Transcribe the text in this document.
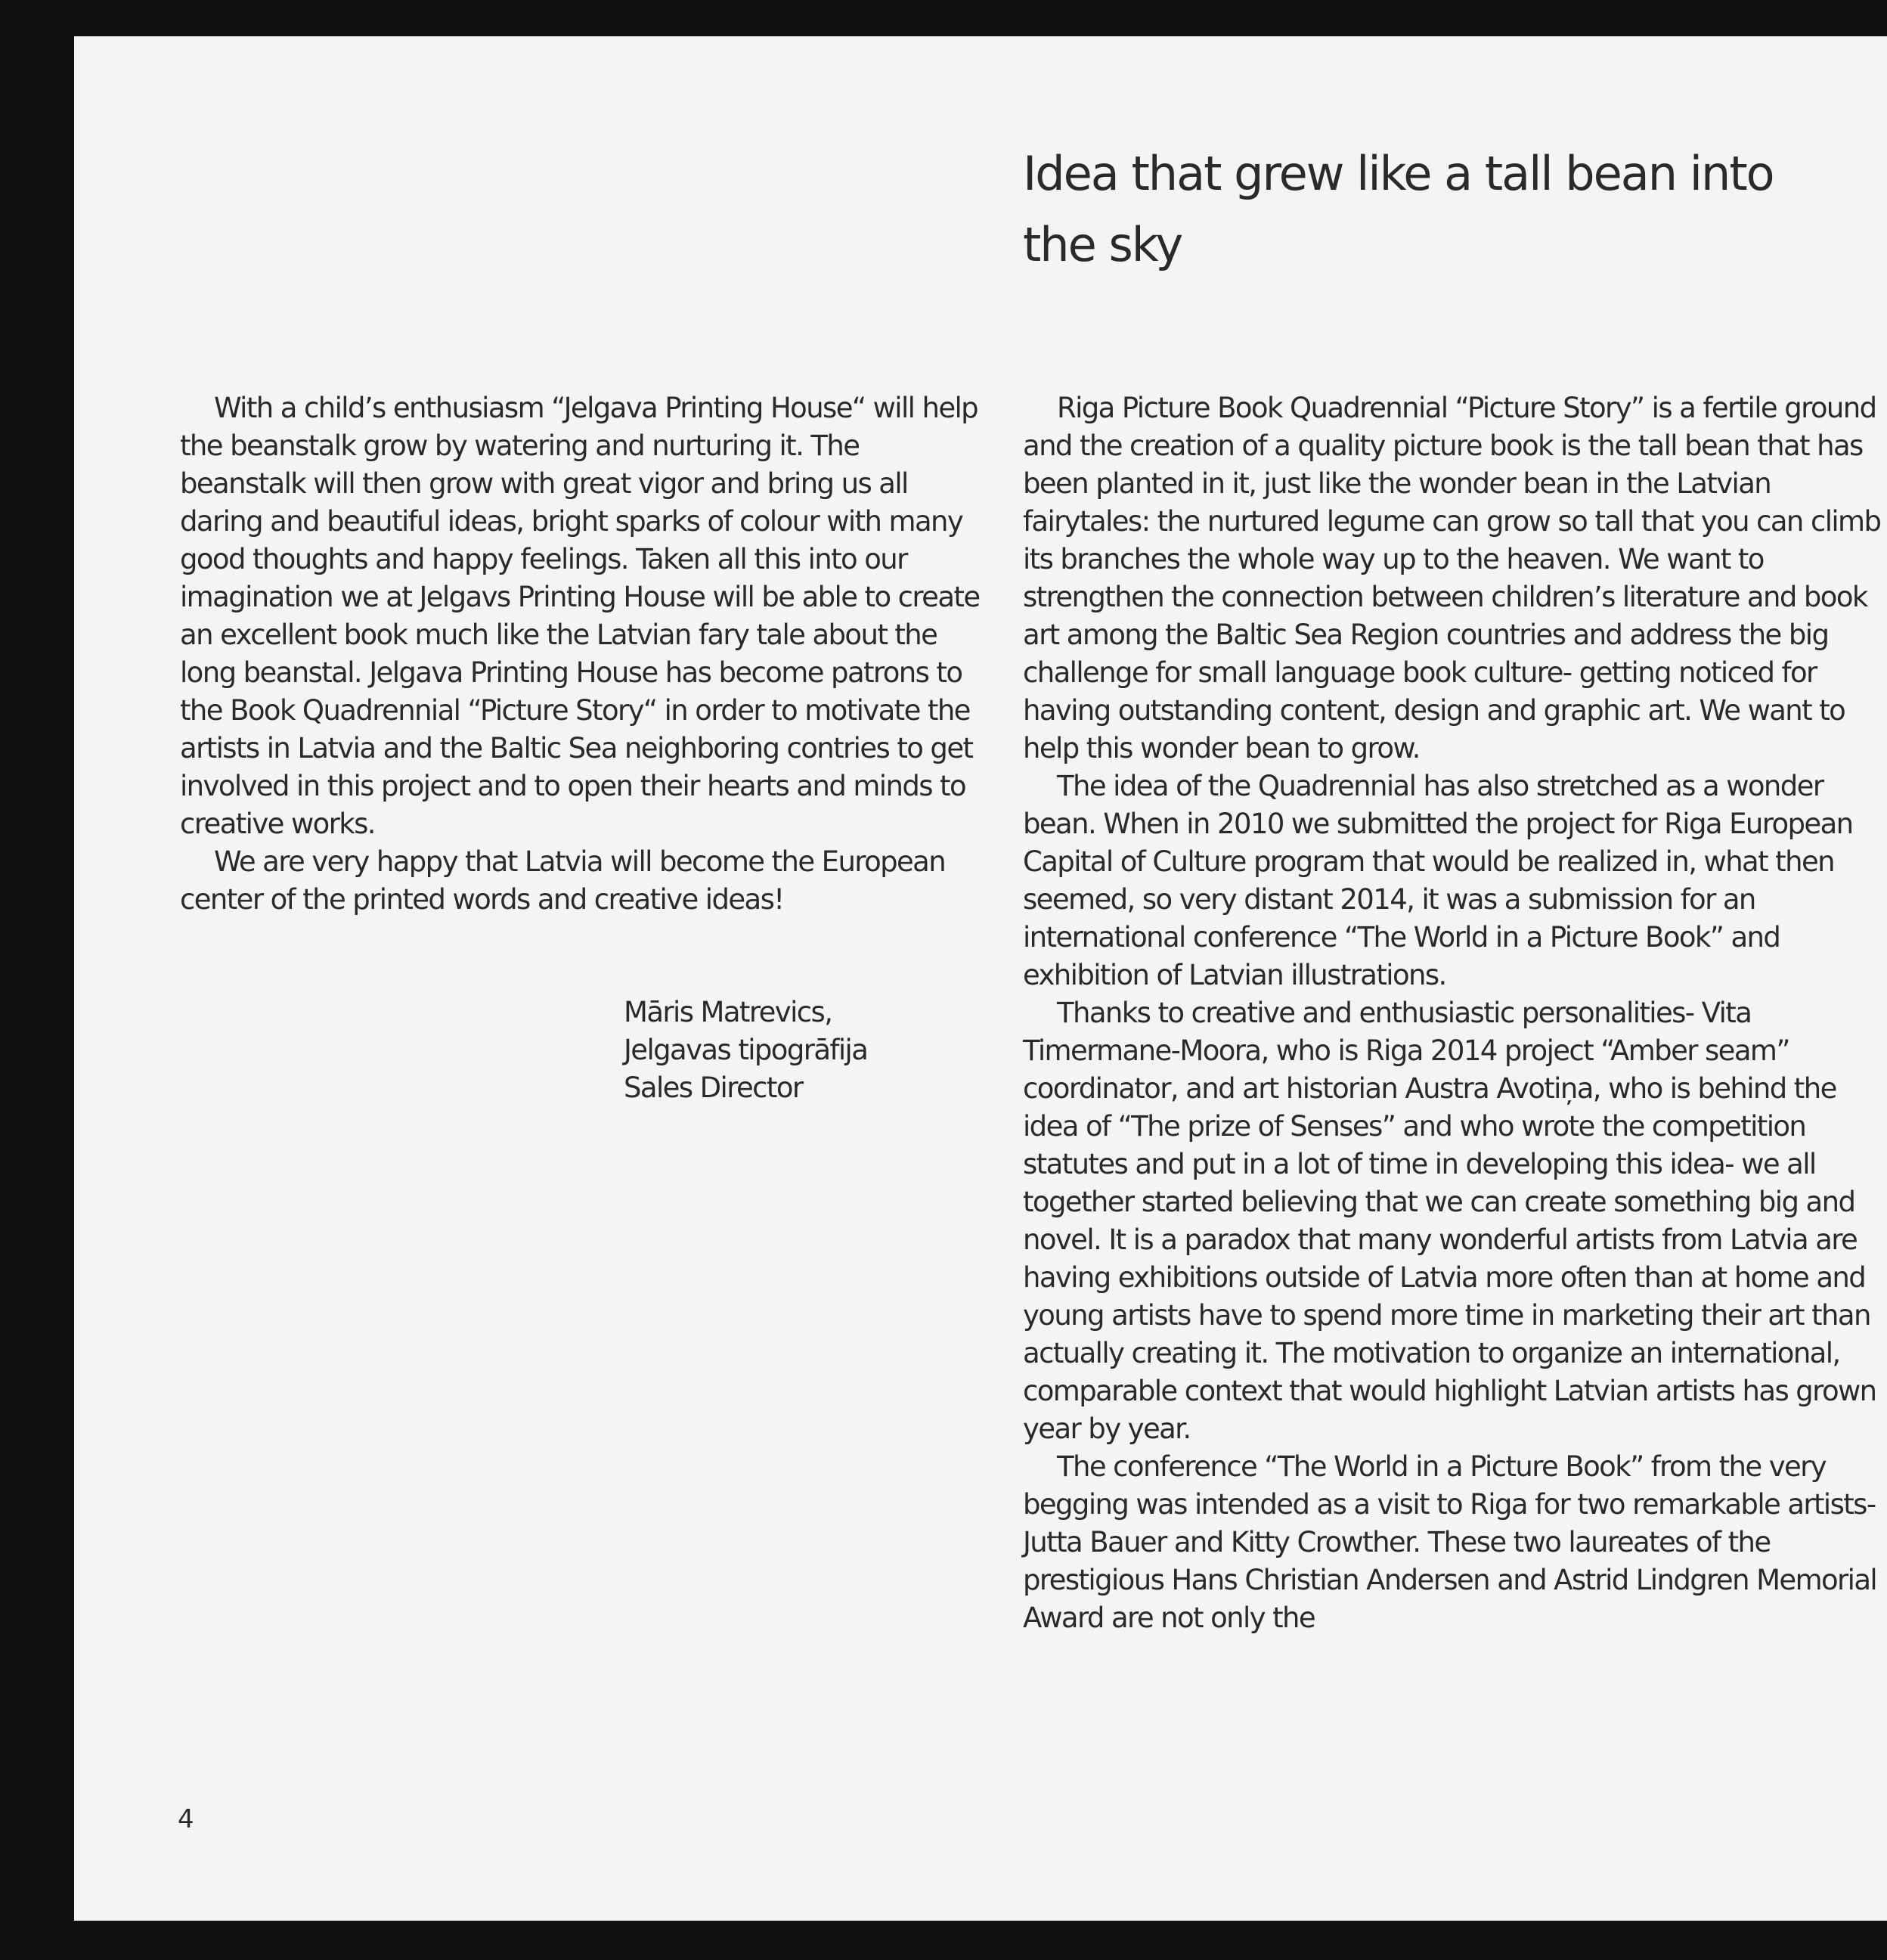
Idea that grew like a tall bean into the sky

With a child’s enthusiasm “Jelgava Printing House“ will help the beanstalk grow by watering and nurturing it. The beanstalk will then grow with great vigor and bring us all daring and beautiful ideas, bright sparks of colour with many good thoughts and happy feelings. Taken all this into our imagination we at Jelgavs Printing House will be able to create an excellent book much like the Latvian fary tale about the long beanstal. Jelgava Printing House has become patrons to the Book Quadrennial “Picture Story“ in order to motivate the artists in Latvia and the Baltic Sea neighboring contries to get involved in this project and to open their hearts and minds to creative works.

We are very happy that Latvia will become the European center of the printed words and creative ideas!

Māris Matrevics,
Jelgavas tipogrāfija
Sales Director

Riga Picture Book Quadrennial “Picture Story” is a fertile ground and the creation of a quality picture book is the tall bean that has been planted in it, just like the wonder bean in the Latvian fairytales: the nurtured legume can grow so tall that you can climb its branches the whole way up to the heaven. We want to strengthen the connection between children’s literature and book art among the Baltic Sea Region countries and address the big challenge for small language book culture- getting noticed for having outstanding content, design and graphic art. We want to help this wonder bean to grow.

The idea of the Quadrennial has also stretched as a wonder bean. When in 2010 we submitted the project for Riga European Capital of Culture program that would be realized in, what then seemed, so very distant 2014, it was a submission for an international conference “The World in a Picture Book” and exhibition of Latvian illustrations.

Thanks to creative and enthusiastic personalities- Vita Timermane-Moora, who is Riga 2014 project “Amber seam” coordinator, and art historian Austra Avotiņa, who is behind the idea of “The prize of Senses” and who wrote the competition statutes and put in a lot of time in developing this idea- we all together started believing that we can create something big and novel. It is a paradox that many wonderful artists from Latvia are having exhibitions outside of Latvia more often than at home and young artists have to spend more time in marketing their art than actually creating it. The motivation to organize an international, comparable context that would highlight Latvian artists has grown year by year.

The conference “The World in a Picture Book” from the very begging was intended as a visit to Riga for two remarkable artists- Jutta Bauer and Kitty Crowther. These two laureates of the prestigious Hans Christian Andersen and Astrid Lindgren Memorial Award are not only the

4
